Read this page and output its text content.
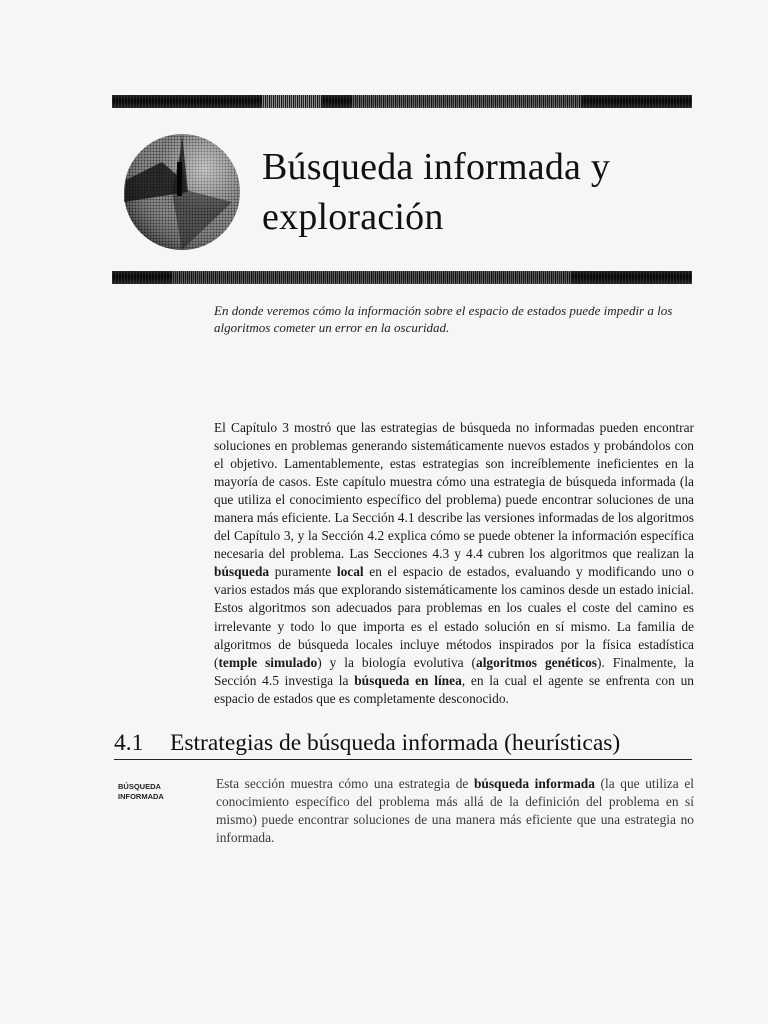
Búsqueda informada y exploración

En donde veremos cómo la información sobre el espacio de estados puede impedir a los algoritmos cometer un error en la oscuridad.

El Capítulo 3 mostró que las estrategias de búsqueda no informadas pueden encontrar soluciones en problemas generando sistemáticamente nuevos estados y probándolos con el objetivo. Lamentablemente, estas estrategias son increíblemente ineficientes en la mayoría de casos. Este capítulo muestra cómo una estrategia de búsqueda informada (la que utiliza el conocimiento específico del problema) puede encontrar soluciones de una manera más eficiente. La Sección 4.1 describe las versiones informadas de los algoritmos del Capítulo 3, y la Sección 4.2 explica cómo se puede obtener la información específica necesaria del problema. Las Secciones 4.3 y 4.4 cubren los algoritmos que realizan la búsqueda puramente local en el espacio de estados, evaluando y modificando uno o varios estados más que explorando sistemáticamente los caminos desde un estado inicial. Estos algoritmos son adecuados para problemas en los cuales el coste del camino es irrelevante y todo lo que importa es el estado solución en sí mismo. La familia de algoritmos de búsqueda locales incluye métodos inspirados por la física estadística (temple simulado) y la biología evolutiva (algoritmos genéticos). Finalmente, la Sección 4.5 investiga la búsqueda en línea, en la cual el agente se enfrenta con un espacio de estados que es completamente desconocido.

4.1 Estrategias de búsqueda informada (heurísticas)
BÚSQUEDA INFORMADA

Esta sección muestra cómo una estrategia de búsqueda informada (la que utiliza el conocimiento específico del problema más allá de la definición del problema en sí mismo) puede encontrar soluciones de una manera más eficiente que una estrategia no informada.
